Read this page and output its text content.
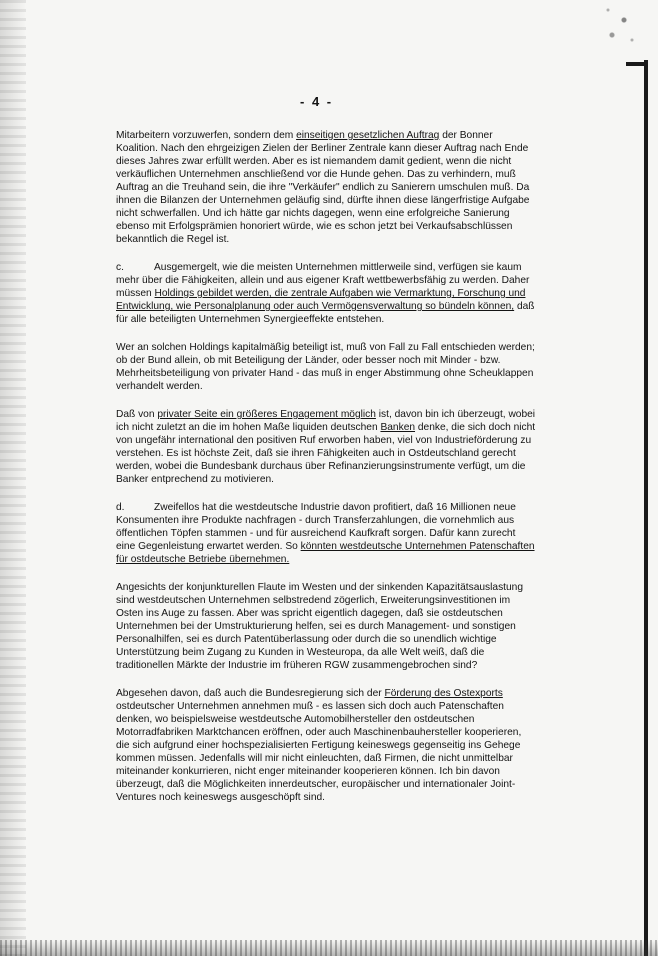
- 4 -

Mitarbeitern vorzuwerfen, sondern dem einseitigen gesetzlichen Auftrag der Bonner Koalition. Nach den ehrgeizigen Zielen der Berliner Zentrale kann dieser Auftrag nach Ende dieses Jahres zwar erfüllt werden. Aber es ist niemandem damit gedient, wenn die nicht verkäuflichen Unternehmen anschließend vor die Hunde gehen. Das zu verhindern, muß Auftrag an die Treuhand sein, die ihre "Verkäufer" endlich zu Sanierern umschulen muß. Da ihnen die Bilanzen der Unternehmen geläufig sind, dürfte ihnen diese längerfristige Aufgabe nicht schwerfallen. Und ich hätte gar nichts dagegen, wenn eine erfolgreiche Sanierung ebenso mit Erfolgsprämien honoriert würde, wie es schon jetzt bei Verkaufsabschlüssen bekanntlich die Regel ist.

c.	Ausgemergelt, wie die meisten Unternehmen mittlerweile sind, verfügen sie kaum mehr über die Fähigkeiten, allein und aus eigener Kraft wettbewerbsfähig zu werden. Daher müssen Holdings gebildet werden, die zentrale Aufgaben wie Vermarktung, Forschung und Entwicklung, wie Personalplanung oder auch Vermögensverwaltung so bündeln können, daß für alle beteiligten Unternehmen Synergieeffekte entstehen.

Wer an solchen Holdings kapitalmäßig beteiligt ist, muß von Fall zu Fall entschieden werden; ob der Bund allein, ob mit Beteiligung der Länder, oder besser noch mit Minder - bzw. Mehrheitsbeteiligung von privater Hand - das muß in enger Abstimmung ohne Scheuklappen verhandelt werden.

Daß von privater Seite ein größeres Engagement möglich ist, davon bin ich überzeugt, wobei ich nicht zuletzt an die im hohen Maße liquiden deutschen Banken denke, die sich doch nicht von ungefähr international den positiven Ruf erworben haben, viel von Industrieförderung zu verstehen. Es ist höchste Zeit, daß sie ihren Fähigkeiten auch in Ostdeutschland gerecht werden, wobei die Bundesbank durchaus über Refinanzierungsinstrumente verfügt, um die Banker entprechend zu motivieren.

d.	Zweifellos hat die westdeutsche Industrie davon profitiert, daß 16 Millionen neue Konsumenten ihre Produkte nachfragen - durch Transferzahlungen, die vornehmlich aus öffentlichen Töpfen stammen - und für ausreichend Kaufkraft sorgen. Dafür kann zurecht eine Gegenleistung erwartet werden. So könnten westdeutsche Unternehmen Patenschaften für ostdeutsche Betriebe übernehmen.

Angesichts der konjunkturellen Flaute im Westen und der sinkenden Kapazitätsauslastung sind westdeutschen Unternehmen selbstredend zögerlich, Erweiterungsinvestitionen im Osten ins Auge zu fassen. Aber was spricht eigentlich dagegen, daß sie ostdeutschen Unternehmen bei der Umstrukturierung helfen, sei es durch Management- und sonstigen Personalhilfen, sei es durch Patentüberlassung oder durch die so unendlich wichtige Unterstützung beim Zugang zu Kunden in Westeuropa, da alle Welt weiß, daß die traditionellen Märkte der Industrie im früheren RGW zusammengebrochen sind?

Abgesehen davon, daß auch die Bundesregierung sich der Förderung des Ostexports ostdeutscher Unternehmen annehmen muß - es lassen sich doch auch Patenschaften denken, wo beispielsweise westdeutsche Automobilhersteller den ostdeutschen Motorradfabriken Marktchancen eröffnen, oder auch Maschinenbauhersteller kooperieren, die sich aufgrund einer hochspezialisierten Fertigung keineswegs gegenseitig ins Gehege kommen müssen. Jedenfalls will mir nicht einleuchten, daß Firmen, die nicht unmittelbar miteinander konkurrieren, nicht enger miteinander kooperieren können. Ich bin davon überzeugt, daß die Möglichkeiten innerdeutscher, europäischer und internationaler Joint-Ventures noch keineswegs ausgeschöpft sind.
